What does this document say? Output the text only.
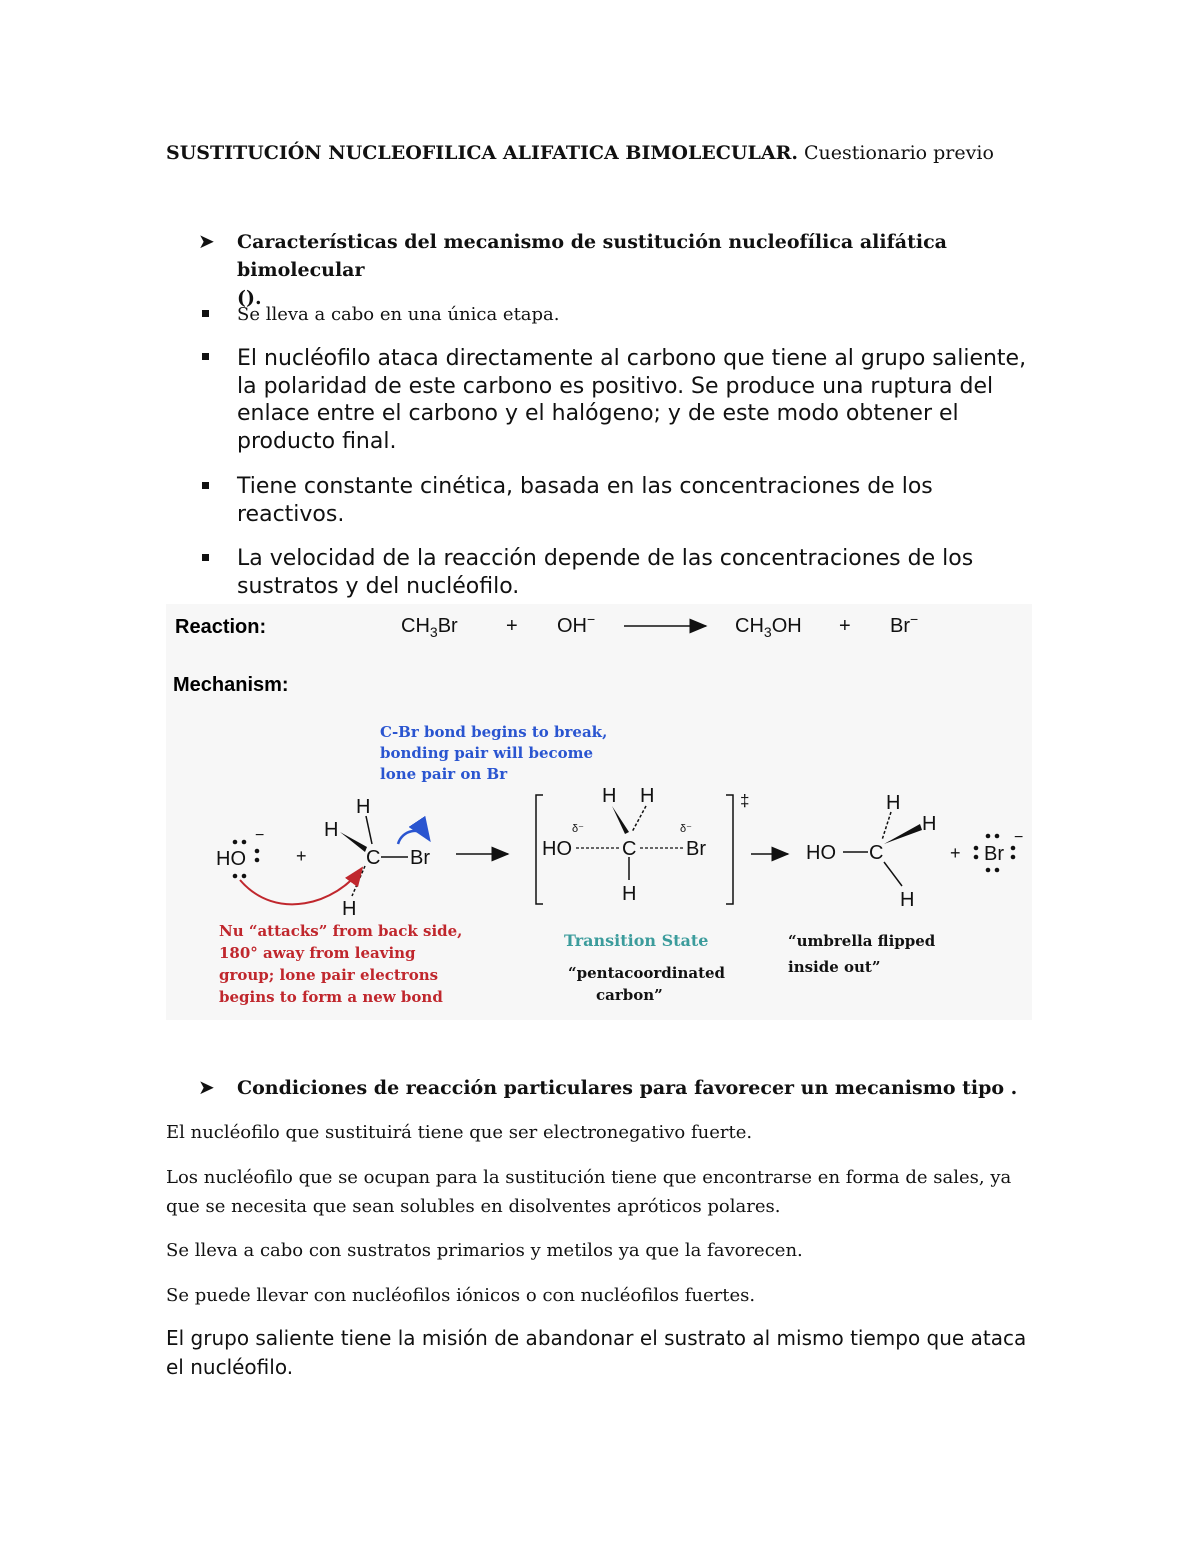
SUSTITUCIÓN NUCLEOFILICA ALIFATICA BIMOLECULAR. Cuestionario previo
➤ Características del mecanismo de sustitución nucleofílica alifática bimolecular
().
Se lleva a cabo en una única etapa.
El nucléofilo ataca directamente al carbono que tiene al grupo saliente, la polaridad de este carbono es positivo. Se produce una ruptura del enlace entre el carbono y el halógeno; y de este modo obtener el producto final.
Tiene constante cinética, basada en las concentraciones de los reactivos.
La velocidad de la reacción depende de las concentraciones de los sustratos y del nucléofilo.
Reaction:	$CH_3Br + OH^-$	$CH_3OH + Br^-$
Mechanism:
C-Br bond begins to break,
bonding pair will become
lone pair on Br
HO
−
+
H
H
C Br
H
‡
H H
HO	C Br
H
δ⁻	δ⁻
HO C
H
H
H
+ Br
−
Nu “attacks” from back side,
180° away from leaving
group; lone pair electrons
begins to form a new bond
Transition State
“pentacoordinated
carbon”
“umbrella flipped
inside out”
➤ Condiciones de reacción particulares para favorecer un mecanismo tipo .
El nucléofilo que sustituirá tiene que ser electronegativo fuerte.
Los nucléofilo que se ocupan para la sustitución tiene que encontrarse en forma de sales, ya que se necesita que sean solubles en disolventes apróticos polares.
Se lleva a cabo con sustratos primarios y metilos ya que la favorecen.
Se puede llevar con nucléofilos iónicos o con nucléofilos fuertes.
El grupo saliente tiene la misión de abandonar el sustrato al mismo tiempo que ataca el nucléofilo.
